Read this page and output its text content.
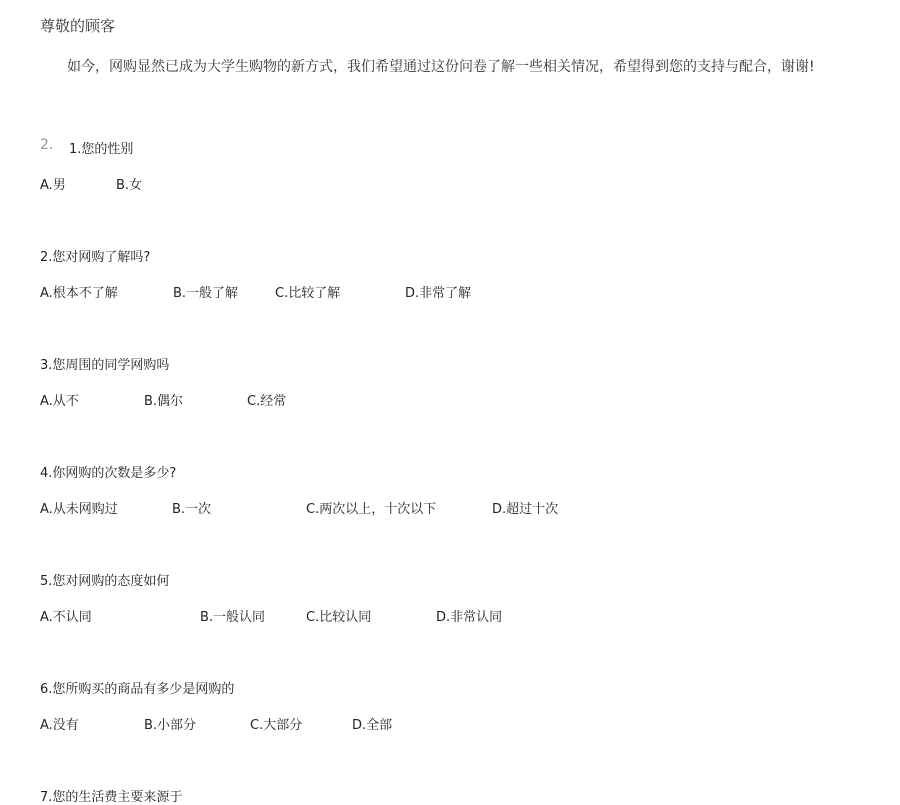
尊敬的顾客
如今，网购显然已成为大学生购物的新方式，我们希望通过这份问卷了解一些相关情况，希望得到您的支持与配合，谢谢!
2. 1.您的性别
A.男	B.女
2.您对网购了解吗?
A.根本不了解	B.一般了解	C.比较了解	D.非常了解
3.您周围的同学网购吗
A.从不	B.偶尔	C.经常
4.你网购的次数是多少?
A.从未网购过	B.一次	C.两次以上，十次以下	D.超过十次
5.您对网购的态度如何
A.不认同	B.一般认同	C.比较认同	D.非常认同
6.您所购买的商品有多少是网购的
A.没有	B.小部分	C.大部分	D.全部
7.您的生活费主要来源于
